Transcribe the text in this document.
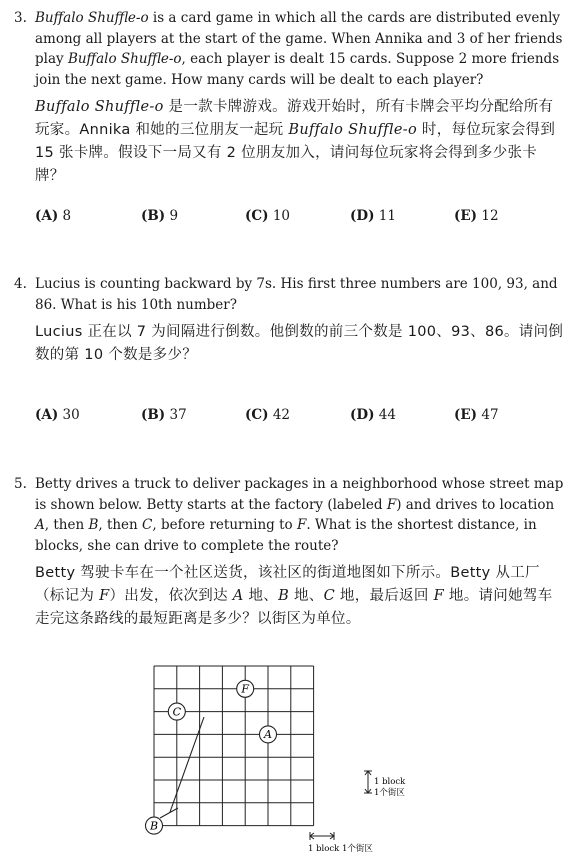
3. Buffalo Shuffle-o is a card game in which all the cards are distributed evenly among all players at the start of the game. When Annika and 3 of her friends play Buffalo Shuffle-o, each player is dealt 15 cards. Suppose 2 more friends join the next game. How many cards will be dealt to each player?
Buffalo Shuffle-o 是一款卡牌游戏。游戏开始时，所有卡牌会平均分配给所有玩家。Annika 和她的三位朋友一起玩 Buffalo Shuffle-o 时，每位玩家会得到 15 张卡牌。假设下一局又有 2 位朋友加入，请问每位玩家将会得到多少张卡牌？
(A) 8	(B) 9	(C) 10	(D) 11	(E) 12
4. Lucius is counting backward by 7s. His first three numbers are 100, 93, and 86. What is his 10th number?
Lucius 正在以 7 为间隔进行倒数。他倒数的前三个数是 100、93、86。请问倒数的第 10 个数是多少？
(A) 30	(B) 37	(C) 42	(D) 44	(E) 47
5. Betty drives a truck to deliver packages in a neighborhood whose street map is shown below. Betty starts at the factory (labeled F) and drives to location A, then B, then C, before returning to F. What is the shortest distance, in blocks, she can drive to complete the route?
Betty 驾驶卡车在一个社区送货，该社区的街道地图如下所示。Betty 从工厂（标记为 F）出发，依次到达 A 地、B 地、C 地，最后返回 F 地。请问她驾车走完这条路线的最短距离是多少？以街区为单位。
F
C
A
B
1 block
1个街区
1 block 1个街区
